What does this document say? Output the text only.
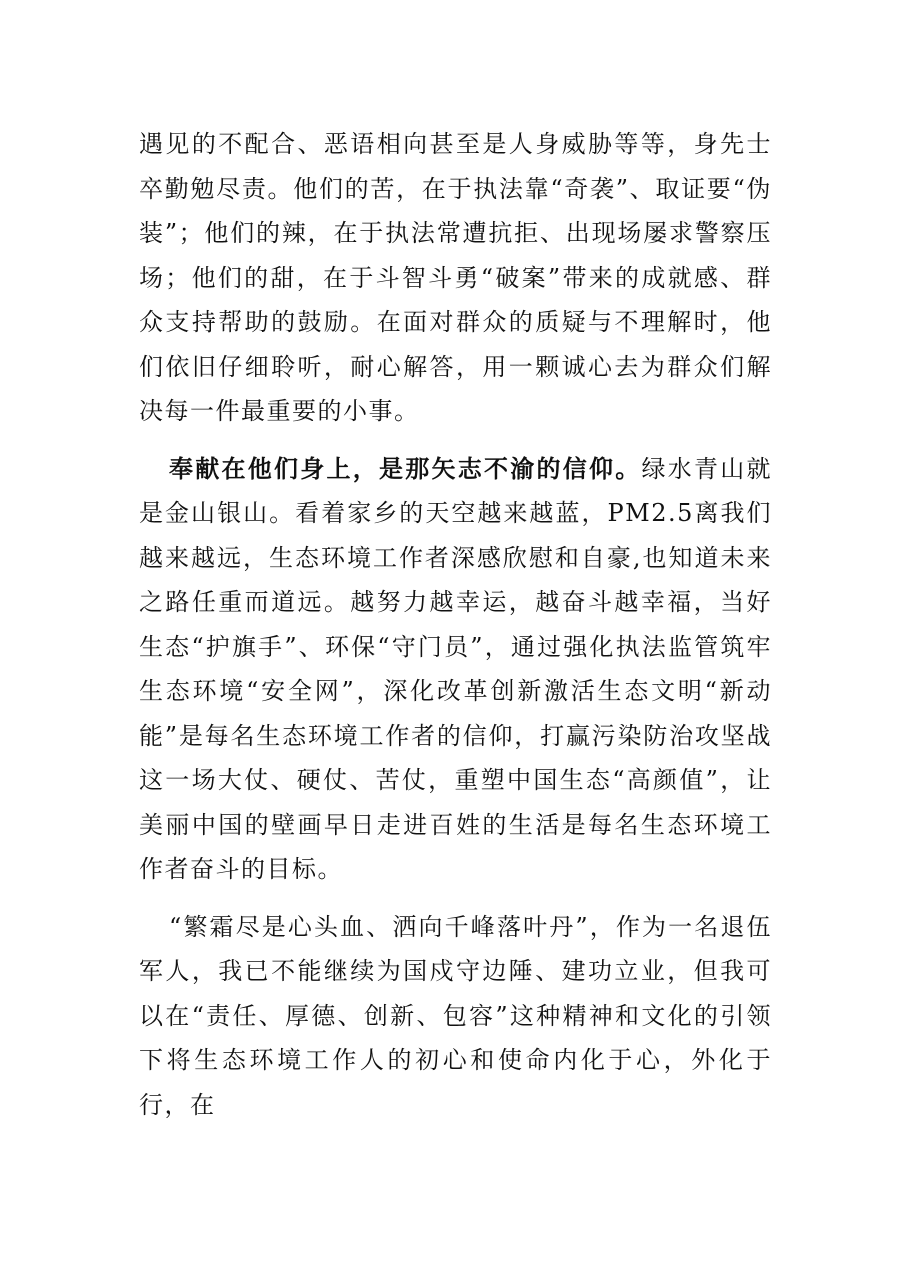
遇见的不配合、恶语相向甚至是人身威胁等等，身先士卒勤勉尽责。他们的苦，在于执法靠“奇袭”、取证要“伪装”；他们的辣，在于执法常遭抗拒、出现场屡求警察压场；他们的甜，在于斗智斗勇“破案”带来的成就感、群众支持帮助的鼓励。在面对群众的质疑与不理解时，他们依旧仔细聆听，耐心解答，用一颗诚心去为群众们解决每一件最重要的小事。

奉献在他们身上，是那矢志不渝的信仰。绿水青山就是金山银山。看着家乡的天空越来越蓝，PM2.5离我们越来越远，生态环境工作者深感欣慰和自豪,也知道未来之路任重而道远。越努力越幸运，越奋斗越幸福，当好生态“护旗手”、环保“守门员”，通过强化执法监管筑牢生态环境“安全网”，深化改革创新激活生态文明“新动能”是每名生态环境工作者的信仰，打赢污染防治攻坚战这一场大仗、硬仗、苦仗，重塑中国生态“高颜值”，让美丽中国的壁画早日走进百姓的生活是每名生态环境工作者奋斗的目标。

“繁霜尽是心头血、洒向千峰落叶丹”，作为一名退伍军人，我已不能继续为国戍守边陲、建功立业，但我可以在“责任、厚德、创新、包容”这种精神和文化的引领下将生态环境工作人的初心和使命内化于心，外化于行，在
